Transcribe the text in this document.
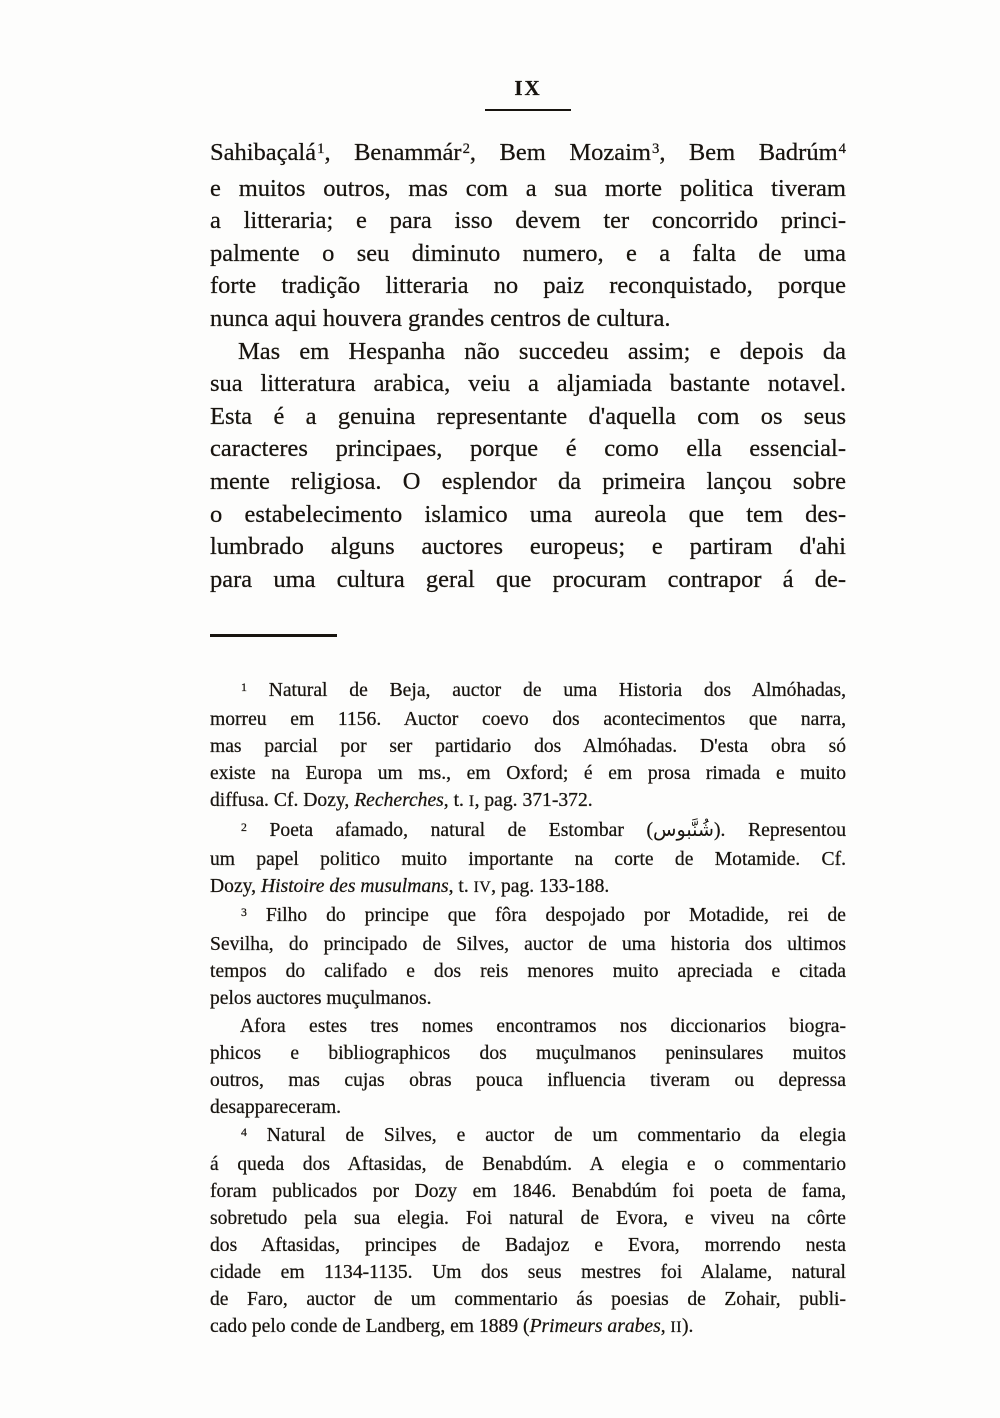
IX
Sahibaçalá$^1$, Benammár$^2$, Bem Mozaim$^3$, Bem Badrúm$^4$
e muitos outros, mas com a sua morte politica tiveram
a litteraria; e para isso devem ter concorrido princi-
palmente o seu diminuto numero, e a falta de uma
forte tradição litteraria no paiz reconquistado, porque
nunca aqui houvera grandes centros de cultura.
Mas em Hespanha não succedeu assim; e depois da
sua litteratura arabica, veiu a aljamiada bastante notavel.
Esta é a genuina representante d'aquella com os seus
caracteres principaes, porque é como ella essencial-
mente religiosa. O esplendor da primeira lançou sobre
o estabelecimento islamico uma aureola que tem des-
lumbrado alguns auctores europeus; e partiram d'ahi
para uma cultura geral que procuram contrapor á de-
$^1$ Natural de Beja, auctor de uma Historia dos Almóhadas,
morreu em 1156. Auctor coevo dos acontecimentos que narra,
mas parcial por ser partidario dos Almóhadas. D'esta obra só
existe na Europa um ms., em Oxford; é em prosa rimada e muito
diffusa. Cf. Dozy, Recherches, t. I, pag. 371-372.
$^2$ Poeta afamado, natural de Estombar (شُنَّبوس). Representou
um papel politico muito importante na corte de Motamide. Cf.
Dozy, Histoire des musulmans, t. IV, pag. 133-188.
$^3$ Filho do principe que fôra despojado por Motadide, rei de
Sevilha, do principado de Silves, auctor de uma historia dos ultimos
tempos do califado e dos reis menores muito apreciada e citada
pelos auctores muçulmanos.
Afora estes tres nomes encontramos nos diccionarios biogra-
phicos e bibliographicos dos muçulmanos peninsulares muitos
outros, mas cujas obras pouca influencia tiveram ou depressa
desappareceram.
$^4$ Natural de Silves, e auctor de um commentario da elegia
á queda dos Aftasidas, de Benabdúm. A elegia e o commentario
foram publicados por Dozy em 1846. Benabdúm foi poeta de fama,
sobretudo pela sua elegia. Foi natural de Evora, e viveu na côrte
dos Aftasidas, principes de Badajoz e Evora, morrendo nesta
cidade em 1134-1135. Um dos seus mestres foi Alalame, natural
de Faro, auctor de um commentario ás poesias de Zohair, publi-
cado pelo conde de Landberg, em 1889 (Primeurs arabes, II).
